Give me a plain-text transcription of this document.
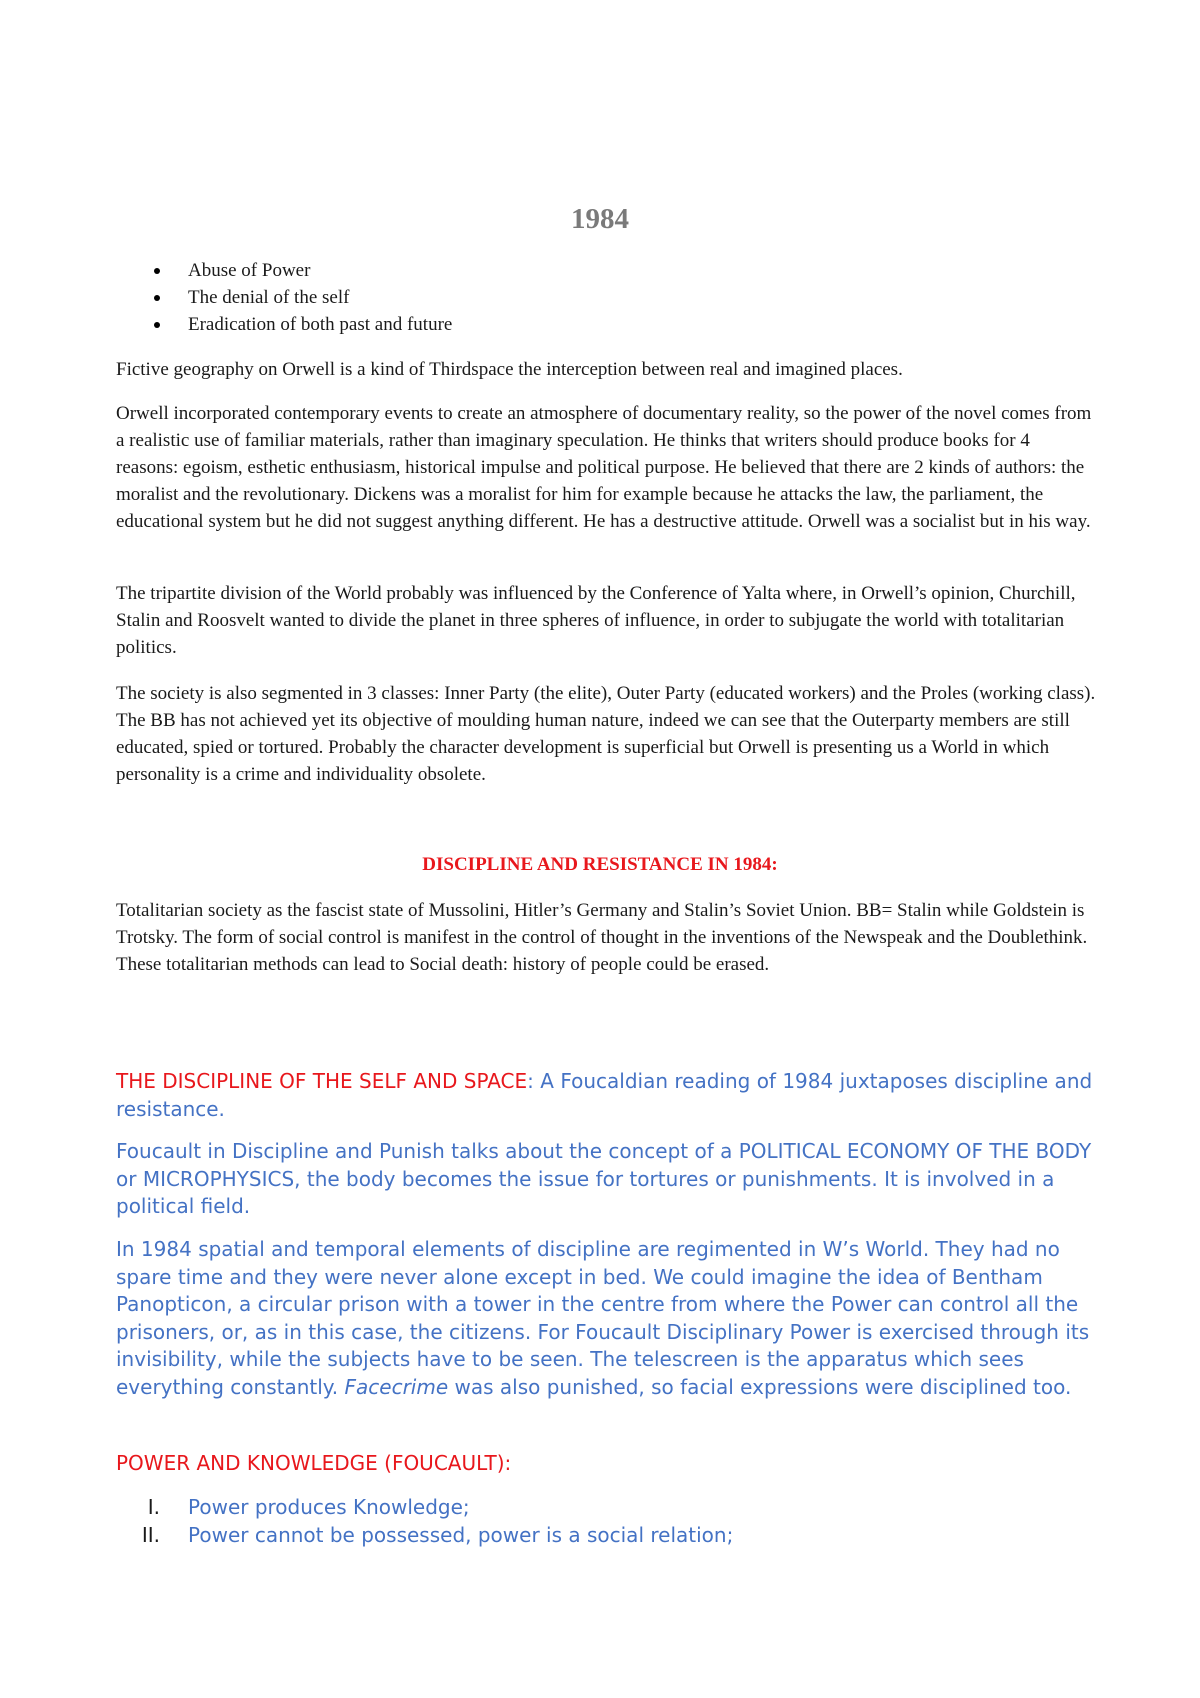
1984
Abuse of Power
The denial of the self
Eradication of both past and future

Fictive geography on Orwell is a kind of Thirdspace the interception between real and imagined places.

Orwell incorporated contemporary events to create an atmosphere of documentary reality, so the power of the novel comes from a realistic use of familiar materials, rather than imaginary speculation. He thinks that writers should produce books for 4 reasons: egoism, esthetic enthusiasm, historical impulse and political purpose. He believed that there are 2 kinds of authors: the moralist and the revolutionary. Dickens was a moralist for him for example because he attacks the law, the parliament, the educational system but he did not suggest anything different. He has a destructive attitude. Orwell was a socialist but in his way.

The tripartite division of the World probably was influenced by the Conference of Yalta where, in Orwell’s opinion, Churchill, Stalin and Roosvelt wanted to divide the planet in three spheres of influence, in order to subjugate the world with totalitarian politics.

The society is also segmented in 3 classes: Inner Party (the elite), Outer Party (educated workers) and the Proles (working class). The BB has not achieved yet its objective of moulding human nature, indeed we can see that the Outerparty members are still educated, spied or tortured. Probably the character development is superficial but Orwell is presenting us a World in which personality is a crime and individuality obsolete.

DISCIPLINE AND RESISTANCE IN 1984:

Totalitarian society as the fascist state of Mussolini, Hitler’s Germany and Stalin’s Soviet Union. BB= Stalin while Goldstein is Trotsky. The form of social control is manifest in the control of thought in the inventions of the Newspeak and the Doublethink. These totalitarian methods can lead to Social death: history of people could be erased.

THE DISCIPLINE OF THE SELF AND SPACE: A Foucaldian reading of 1984 juxtaposes discipline and resistance.

Foucault in Discipline and Punish talks about the concept of a POLITICAL ECONOMY OF THE BODY or MICROPHYSICS, the body becomes the issue for tortures or punishments. It is involved in a political field.

In 1984 spatial and temporal elements of discipline are regimented in W’s World. They had no spare time and they were never alone except in bed. We could imagine the idea of Bentham Panopticon, a circular prison with a tower in the centre from where the Power can control all the prisoners, or, as in this case, the citizens. For Foucault Disciplinary Power is exercised through its invisibility, while the subjects have to be seen. The telescreen is the apparatus which sees everything constantly. Facecrime was also punished, so facial expressions were disciplined too.

POWER AND KNOWLEDGE (FOUCAULT):

I. Power produces Knowledge;
II. Power cannot be possessed, power is a social relation;
